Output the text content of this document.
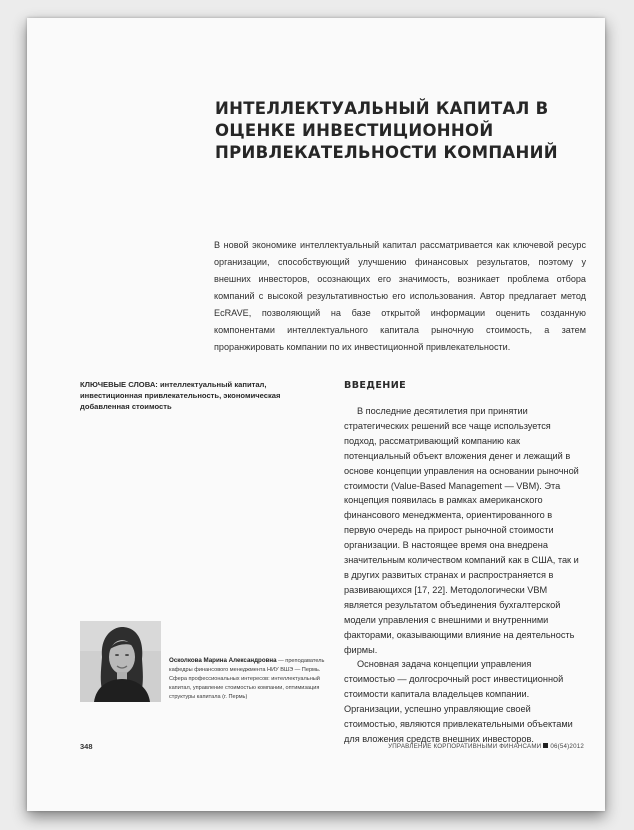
ИНТЕЛЛЕКТУАЛЬНЫЙ КАПИТАЛ В ОЦЕНКЕ ИНВЕСТИЦИОННОЙ ПРИВЛЕКАТЕЛЬНОСТИ КОМПАНИЙ
В новой экономике интеллектуальный капитал рассматривается как ключевой ресурс организации, способствующий улучшению финансовых результатов, поэтому у внешних инвесторов, осознающих его значимость, возникает проблема отбора компаний с высокой результативностью его использования. Автор предлагает метод EcRAVE, позволяющий на базе открытой информации оценить созданную компонентами интеллектуального капитала рыночную стоимость, а затем проранжировать компании по их инвестиционной привлекательности.
КЛЮЧЕВЫЕ СЛОВА: интеллектуальный капитал, инвестиционная привлекательность, экономическая добавленная стоимость
ВВЕДЕНИЕ

В последние десятилетия при принятии стратегических решений все чаще используется подход, рассматривающий компанию как потенциальный объект вложения денег и лежащий в основе концепции управления на основании рыночной стоимости (Value-Based Management — VBM). Эта концепция появилась в рамках американского финансового менеджмента, ориентированного в первую очередь на прирост рыночной стоимости организации. В настоящее время она внедрена значительным количеством компаний как в США, так и в других развитых странах и распространяется в развивающихся [17, 22]. Методологически VBM является результатом объединения бухгалтерской модели управления с внешними и внутренними факторами, оказывающими влияние на деятельность фирмы.

Основная задача концепции управления стоимостью — долгосрочный рост инвестиционной стоимости капитала владельцев компании. Организации, успешно управляющие своей стоимостью, являются привлекательными объектами для вложения средств внешних инвесторов.

Осколкова Марина Александровна — преподаватель кафедры финансового менеджмента НИУ ВШЭ — Пермь. Сфера профессиональных интересов: интеллектуальный капитал, управление стоимостью компании, оптимизация структуры капитала (г. Пермь)
348	УПРАВЛЕНИЕ КОРПОРАТИВНЫМИ ФИНАНСАМИ 06(54)2012
